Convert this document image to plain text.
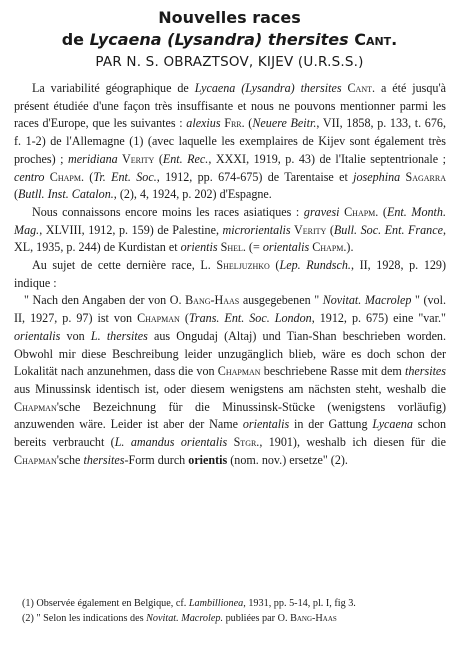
Nouvelles races
de Lycaena (Lysandra) thersites Cant.
PAR N. S. OBRAZTSOV, KIJEV (U.R.S.S.)

La variabilité géographique de Lycaena (Lysandra) thersites Cant. a été jusqu'à présent étudiée d'une façon très insuffisante et nous ne pouvons mentionner parmi les races d'Europe, que les suivantes : alexius Frr. (Neuere Beitr., VII, 1858, p. 133, t. 676, f. 1-2) de l'Allemagne (1) (avec laquelle les exemplaires de Kijev sont également très proches) ; meridiana Verity (Ent. Rec., XXXI, 1919, p. 43) de l'Italie septentrionale ; centro Chapm. (Tr. Ent. Soc., 1912, pp. 674-675) de Tarentaise et josephina Sagarra (Butll. Inst. Catalon., (2), 4, 1924, p. 202) d'Espagne.

Nous connaissons encore moins les races asiatiques : gravesi Chapm. (Ent. Month. Mag., XLVIII, 1912, p. 159) de Palestine, microrientalis Verity (Bull. Soc. Ent. France, XL, 1935, p. 244) de Kurdistan et orientis Shel. (= orientalis Chapm.).

Au sujet de cette dernière race, L. Sheljuzhko (Lep. Rundsch., II, 1928, p. 129) indique :

" Nach den Angaben der von O. Bang-Haas ausgegebenen " Novitat. Macrolep " (vol. II, 1927, p. 97) ist von Chapman (Trans. Ent. Soc. London, 1912, p. 675) eine "var." orientalis von L. thersites aus Ongudaj (Altaj) und Tian-Shan beschrieben worden. Obwohl mir diese Beschreibung leider unzugänglich blieb, wäre es doch schon der Lokalität nach anzunehmen, dass die von Chapman beschriebene Rasse mit dem thersites aus Minussinsk identisch ist, oder diesem wenigstens am nächsten steht, weshalb die Chapman'sche Bezeichnung für die Minussinsk-Stücke (wenigstens vorläufig) anzuwenden wäre. Leider ist aber der Name orientalis in der Gattung Lycaena schon bereits verbraucht (L. amandus orientalis Stgr., 1901), weshalb ich diesen für die Chapman'sche thersites-Form durch orientis (nom. nov.) ersetze" (2).

(1) Observée également en Belgique, cf. Lambillionea, 1931, pp. 5-14, pl. I, fig 3.
(2) " Selon les indications des Novitat. Macrolep. publiées par O. Bang-Haas
